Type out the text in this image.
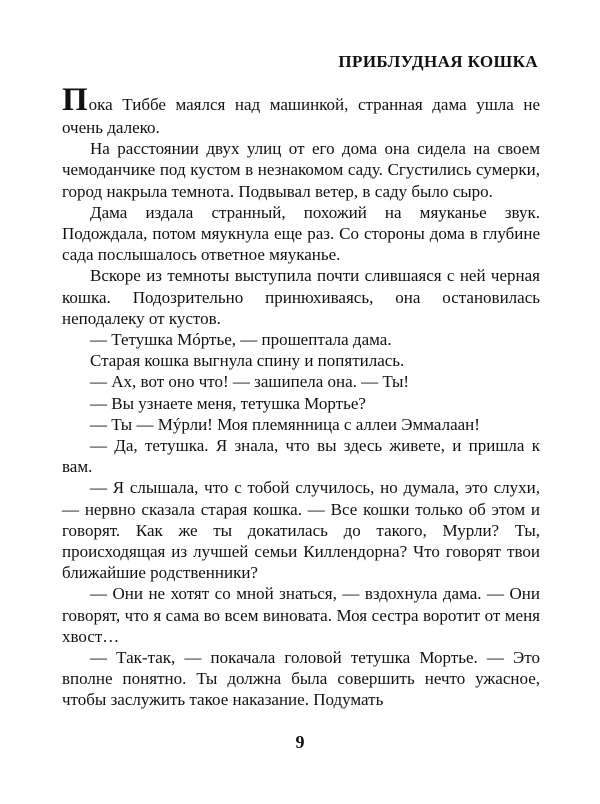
ПРИБЛУДНАЯ КОШКА

Пока Тиббе маялся над машинкой, странная дама ушла не очень далеко.

На расстоянии двух улиц от его дома она сидела на своем чемоданчике под кустом в незнакомом саду. Сгустились сумерки, город накрыла темнота. Подвывал ветер, в саду было сыро.

Дама издала странный, похожий на мяуканье звук. Подождала, потом мяукнула еще раз. Со стороны дома в глубине сада послышалось ответное мяуканье.

Вскоре из темноты выступила почти слившаяся с ней черная кошка. Подозрительно принюхиваясь, она остановилась неподалеку от кустов.

— Тетушка Мóртье, — прошептала дама.

Старая кошка выгнула спину и попятилась.

— Ах, вот оно что! — зашипела она. — Ты!

— Вы узнаете меня, тетушка Мортье?

— Ты — Мýрли! Моя племянница с аллеи Эммалаан!

— Да, тетушка. Я знала, что вы здесь живете, и пришла к вам.

— Я слышала, что с тобой случилось, но думала, это слухи, — нервно сказала старая кошка. — Все кошки только об этом и говорят. Как же ты докатилась до такого, Мурли? Ты, происходящая из лучшей семьи Киллендорна? Что говорят твои ближайшие родственники?

— Они не хотят со мной знаться, — вздохнула дама. — Они говорят, что я сама во всем виновата. Моя сестра воротит от меня хвост…

— Так-так, — покачала головой тетушка Мортье. — Это вполне понятно. Ты должна была совершить нечто ужасное, чтобы заслужить такое наказание. Подумать

9
